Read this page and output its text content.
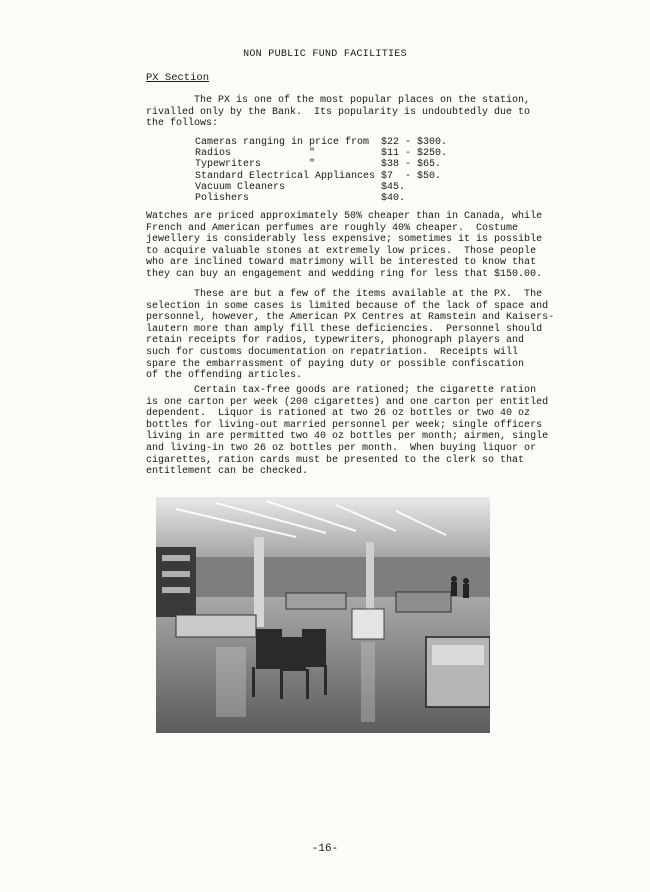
NON PUBLIC FUND FACILITIES
PX Section

The PX is one of the most popular places on the station,
rivalled only by the Bank.  Its popularity is undoubtedly due to
the follows:

Cameras ranging in price from		$22 - $300.
Radios	"	$11 - $250.
Typewriters	"	$38 - $65.
Standard Electrical Appliances		$7  - $50.
Vacuum Cleaners		$45.
Polishers		$40.

Watches are priced approximately 50% cheaper than in Canada, while
French and American perfumes are roughly 40% cheaper.  Costume
jewellery is considerably less expensive; sometimes it is possible
to acquire valuable stones at extremely low prices.  Those people
who are inclined toward matrimony will be interested to know that
they can buy an engagement and wedding ring for less that $150.00.

These are but a few of the items available at the PX.  The
selection in some cases is limited because of the lack of space and
personnel, however, the American PX Centres at Ramstein and Kaisers-
lautern more than amply fill these deficiencies.  Personnel should
retain receipts for radios, typewriters, phonograph players and
such for customs documentation on repatriation.  Receipts will
spare the embarrassment of paying duty or possible confiscation
of the offending articles.

Certain tax-free goods are rationed; the cigarette ration
is one carton per week (200 cigarettes) and one carton per entitled
dependent.  Liquor is rationed at two 26 oz bottles or two 40 oz
bottles for living-out married personnel per week; single officers
living in are permitted two 40 oz bottles per month; airmen, single
and living-in two 26 oz bottles per month.  When buying liquor or
cigarettes, ration cards must be presented to the clerk so that
entitlement can be checked.

-16-
